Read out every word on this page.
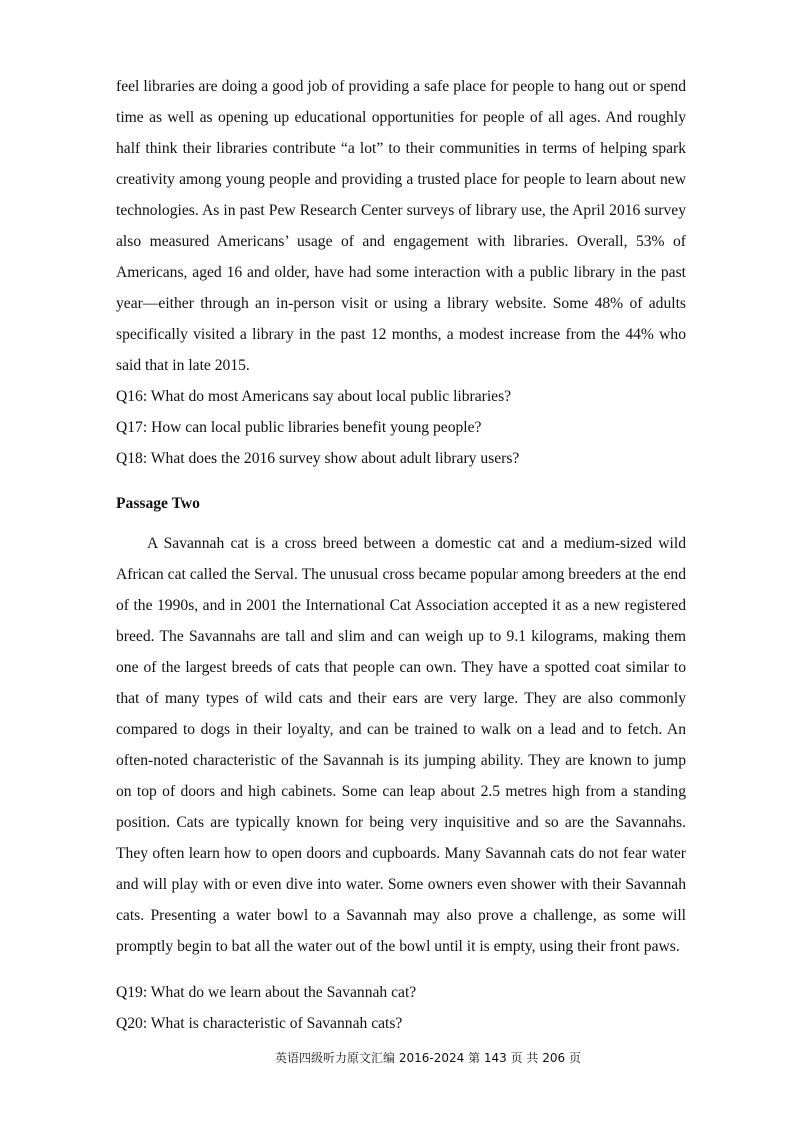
feel libraries are doing a good job of providing a safe place for people to hang out or spend time as well as opening up educational opportunities for people of all ages. And roughly half think their libraries contribute “a lot” to their communities in terms of helping spark creativity among young people and providing a trusted place for people to learn about new technologies. As in past Pew Research Center surveys of library use, the April 2016 survey also measured Americans’ usage of and engagement with libraries. Overall, 53% of Americans, aged 16 and older, have had some interaction with a public library in the past year—either through an in-person visit or using a library website. Some 48% of adults specifically visited a library in the past 12 months, a modest increase from the 44% who said that in late 2015.

Q16: What do most Americans say about local public libraries?

Q17: How can local public libraries benefit young people?

Q18: What does the 2016 survey show about adult library users?

Passage Two

A Savannah cat is a cross breed between a domestic cat and a medium-sized wild African cat called the Serval. The unusual cross became popular among breeders at the end of the 1990s, and in 2001 the International Cat Association accepted it as a new registered breed. The Savannahs are tall and slim and can weigh up to 9.1 kilograms, making them one of the largest breeds of cats that people can own. They have a spotted coat similar to that of many types of wild cats and their ears are very large. They are also commonly compared to dogs in their loyalty, and can be trained to walk on a lead and to fetch. An often-noted characteristic of the Savannah is its jumping ability. They are known to jump on top of doors and high cabinets. Some can leap about 2.5 metres high from a standing position. Cats are typically known for being very inquisitive and so are the Savannahs. They often learn how to open doors and cupboards. Many Savannah cats do not fear water and will play with or even dive into water. Some owners even shower with their Savannah cats. Presenting a water bowl to a Savannah may also prove a challenge, as some will promptly begin to bat all the water out of the bowl until it is empty, using their front paws.

Q19: What do we learn about the Savannah cat?

Q20: What is characteristic of Savannah cats?

英语四级听力原文汇编 2016-2024 第 143 页 共 206 页
